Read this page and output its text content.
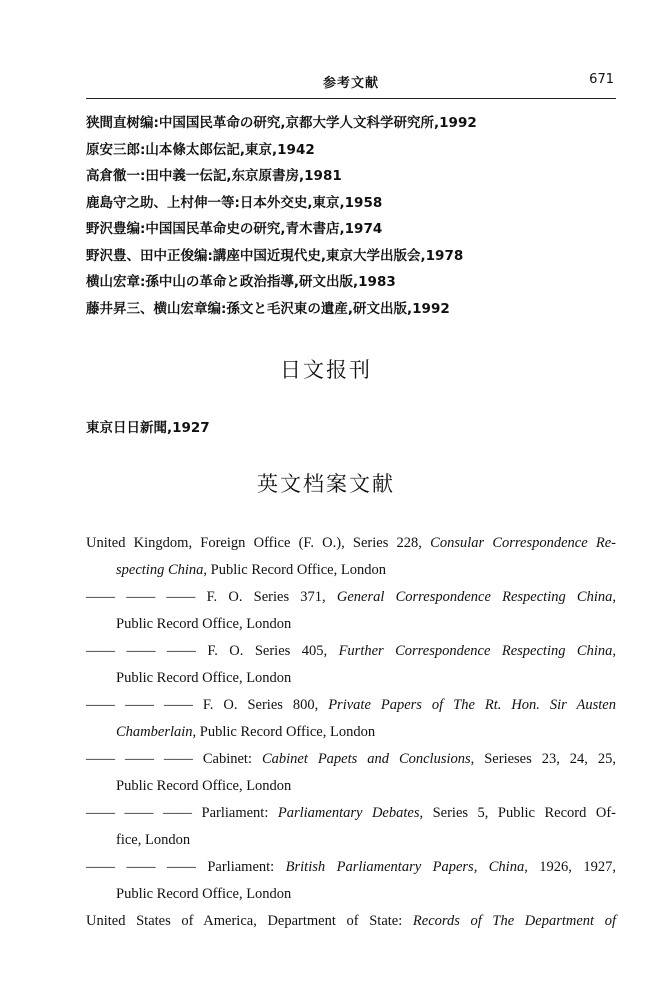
参考文献	671
狭間直树编:中国国民革命の研究,京都大学人文科学研究所,1992
原安三郎:山本條太郎伝記,東京,1942
高倉徹一:田中義一伝記,东京原書房,1981
鹿島守之助、上村伸一等:日本外交史,東京,1958
野沢豊编:中国国民革命史の研究,青木書店,1974
野沢豊、田中正俊编:講座中国近現代史,東京大学出版会,1978
横山宏章:孫中山の革命と政治指導,研文出版,1983
藤井昇三、横山宏章编:孫文と毛沢東の遺産,研文出版,1992
日文报刊
東京日日新聞,1927
英文档案文献
United Kingdom, Foreign Office (F. O.), Series 228, Consular Correspondence Re-
specting China, Public Record Office, London
—— —— —— F. O. Series 371, General Correspondence Respecting China,
Public Record Office, London
—— —— —— F. O. Series 405, Further Correspondence Respecting China,
Public Record Office, London
—— —— —— F. O. Series 800, Private Papers of The Rt. Hon. Sir Austen
Chamberlain, Public Record Office, London
—— —— —— Cabinet: Cabinet Papets and Conclusions, Serieses 23, 24, 25,
Public Record Office, London
—— —— —— Parliament: Parliamentary Debates, Series 5, Public Record Of-
fice, London
—— —— —— Parliament: British Parliamentary Papers, China, 1926, 1927,
Public Record Office, London
United States of America, Department of State: Records of The Department of
